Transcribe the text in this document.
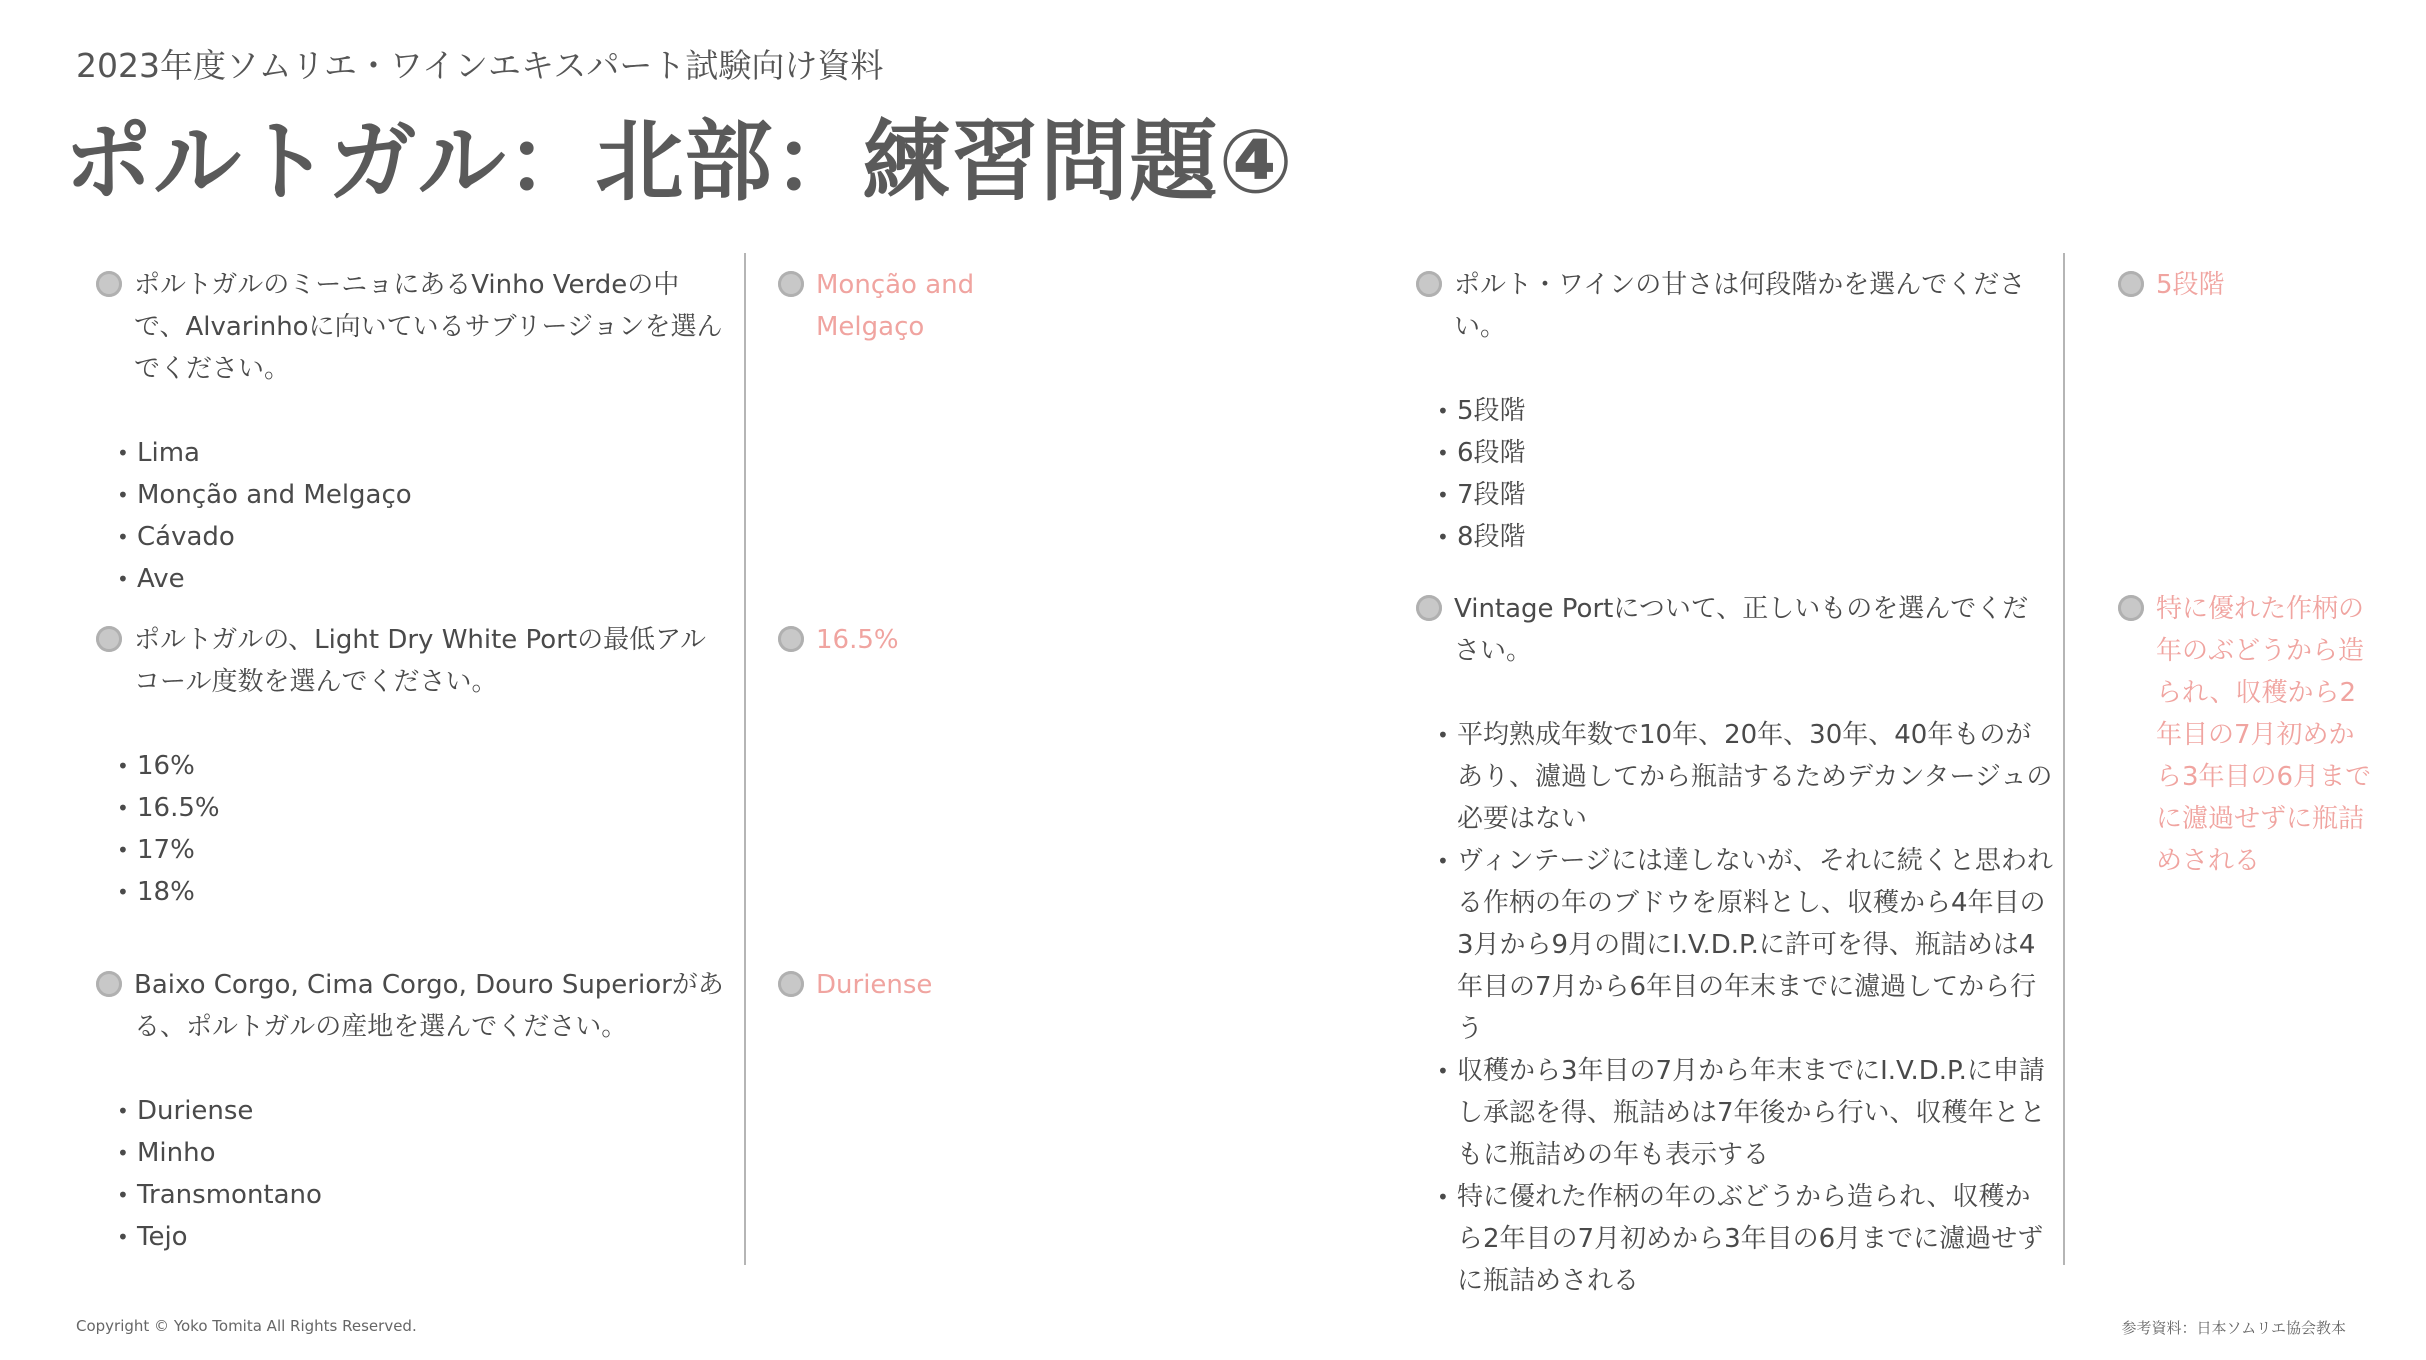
2023年度ソムリエ・ワインエキスパート試験向け資料
ポルトガル：北部：練習問題④
ポルトガルのミーニョにあるVinho Verdeの中で、Alvarinhoに向いているサブリージョンを選んでください。
• Lima
• Monção and Melgaço
• Cávado
• Ave
Monção and Melgaço
ポルトガルの、Light Dry White Portの最低アルコール度数を選んでください。
• 16%
• 16.5%
• 17%
• 18%
16.5%
Baixo Corgo, Cima Corgo, Douro Superiorがある、ポルトガルの産地を選んでください。
• Duriense
• Minho
• Transmontano
• Tejo
Duriense
ポルト・ワインの甘さは何段階かを選んでください。
• 5段階
• 6段階
• 7段階
• 8段階
5段階
Vintage Portについて、正しいものを選んでください。
• 平均熟成年数で10年、20年、30年、40年ものがあり、濾過してから瓶詰するためデカンタージュの必要はない
• ヴィンテージには達しないが、それに続くと思われる作柄の年のブドウを原料とし、収穫から4年目の3月から9月の間にI.V.D.P.に許可を得、瓶詰めは4年目の7月から6年目の年末までに濾過してから行う
• 収穫から3年目の7月から年末までにI.V.D.P.に申請し承認を得、瓶詰めは7年後から行い、収穫年とともに瓶詰めの年も表示する
• 特に優れた作柄の年のぶどうから造られ、収穫から2年目の7月初めから3年目の6月までに濾過せずに瓶詰めされる
特に優れた作柄の年のぶどうから造られ、収穫から2年目の7月初めから3年目の6月までに濾過せずに瓶詰めされる
Copyright © Yoko Tomita All Rights Reserved.	参考資料：日本ソムリエ協会教本
